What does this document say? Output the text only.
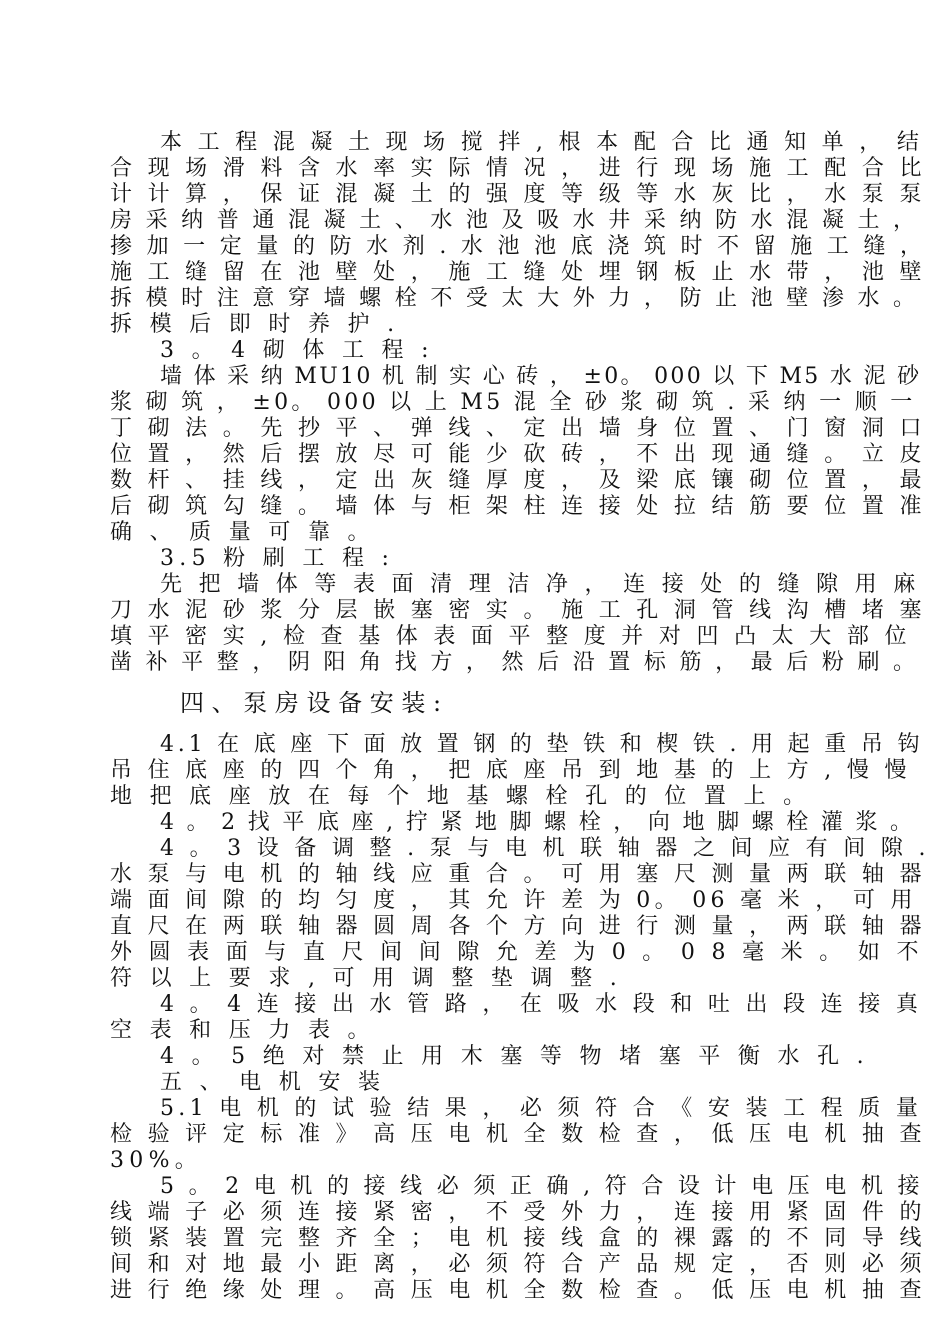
本 工 程 混 凝 土 现 场 搅 拌 , 根 本 配 合 比 通 知 单 ， 结
合 现 场 滑 料 含 水 率 实 际 情 况 ， 进 行 现 场 施 工 配 合 比
计 计 算 ， 保 证 混 凝 土 的 强 度 等 级 等 水 灰 比 ， 水 泵 泵
房 采 纳 普 通 混 凝 土 、 水 池 及 吸 水 井 采 纳 防 水 混 凝 土 ，
掺 加 一 定 量 的 防 水 剂 . 水 池 池 底 浇 筑 时 不 留 施 工 缝 ，
施 工 缝 留 在 池 壁 处 ， 施 工 缝 处 埋 钢 板 止 水 带 ， 池 壁
拆 模 时 注 意 穿 墙 螺 栓 不 受 太 大 外 力 ， 防 止 池 壁 渗 水 。
拆 模 后 即 时 养 护 .
3 。 4 砌 体 工 程 :
墙 体 采 纳 MU10 机 制 实 心 砖 ， ±0。 000 以 下 M5 水 泥 砂
浆 砌 筑 ， ±0。 000 以 上 M5 混 全 砂 浆 砌 筑 . 采 纳 一 顺 一
丁 砌 法 。 先 抄 平 、 弹 线 、 定 出 墙 身 位 置 、 门 窗 洞 口
位 置 ， 然 后 摆 放 尽 可 能 少 砍 砖 ， 不 出 现 通 缝 。 立 皮
数 杆 、 挂 线 ， 定 出 灰 缝 厚 度 ， 及 梁 底 镶 砌 位 置 ， 最
后 砌 筑 勾 缝 。 墙 体 与 柜 架 柱 连 接 处 拉 结 筋 要 位 置 准
确 、 质 量 可 靠 。
3.5 粉 刷 工 程 :
先 把 墙 体 等 表 面 清 理 洁 净 ， 连 接 处 的 缝 隙 用 麻
刀 水 泥 砂 浆 分 层 嵌 塞 密 实 。 施 工 孔 洞 管 线 沟 槽 堵 塞
填 平 密 实 , 检 查 基 体 表 面 平 整 度 并 对 凹 凸 太 大 部 位
凿 补 平 整 ， 阴 阳 角 找 方 ， 然 后 沿 置 标 筋 ， 最 后 粉 刷 。
四 、 泵 房 设 备 安 装 :
4.1 在 底 座 下 面 放 置 钢 的 垫 铁 和 楔 铁 . 用 起 重 吊 钩
吊 住 底 座 的 四 个 角 ， 把 底 座 吊 到 地 基 的 上 方 , 慢 慢
地 把 底 座 放 在 每 个 地 基 螺 栓 孔 的 位 置 上 。
4 。 2 找 平 底 座 , 拧 紧 地 脚 螺 栓 ， 向 地 脚 螺 栓 灌 浆 。
4 。 3 设 备 调 整 . 泵 与 电 机 联 轴 器 之 间 应 有 间 隙 .
水 泵 与 电 机 的 轴 线 应 重 合 。 可 用 塞 尺 测 量 两 联 轴 器
端 面 间 隙 的 均 匀 度 ， 其 允 许 差 为 0。 06 毫 米 ， 可 用
直 尺 在 两 联 轴 器 圆 周 各 个 方 向 进 行 测 量 ， 两 联 轴 器
外 圆 表 面 与 直 尺 间 间 隙 允 差 为 0 。 0 8 毫 米 。 如 不
符 以 上 要 求 , 可 用 调 整 垫 调 整 .
4 。 4 连 接 出 水 管 路 ， 在 吸 水 段 和 吐 出 段 连 接 真
空 表 和 压 力 表 。
4 。 5 绝 对 禁 止 用 木 塞 等 物 堵 塞 平 衡 水 孔 .
五 、 电 机 安 装
5.1 电 机 的 试 验 结 果 ， 必 须 符 合 《 安 装 工 程 质 量
检 验 评 定 标 准 》 高 压 电 机 全 数 检 查 ， 低 压 电 机 抽 查
30%。
5 。 2 电 机 的 接 线 必 须 正 确 , 符 合 设 计 电 压 电 机 接
线 端 子 必 须 连 接 紧 密 ， 不 受 外 力 ， 连 接 用 紧 固 件 的
锁 紧 装 置 完 整 齐 全 ； 电 机 接 线 盒 的 裸 露 的 不 同 导 线
间 和 对 地 最 小 距 离 ， 必 须 符 合 产 品 规 定 ， 否 则 必 须
进 行 绝 缘 处 理 。 高 压 电 机 全 数 检 查 。 低 压 电 机 抽 查
